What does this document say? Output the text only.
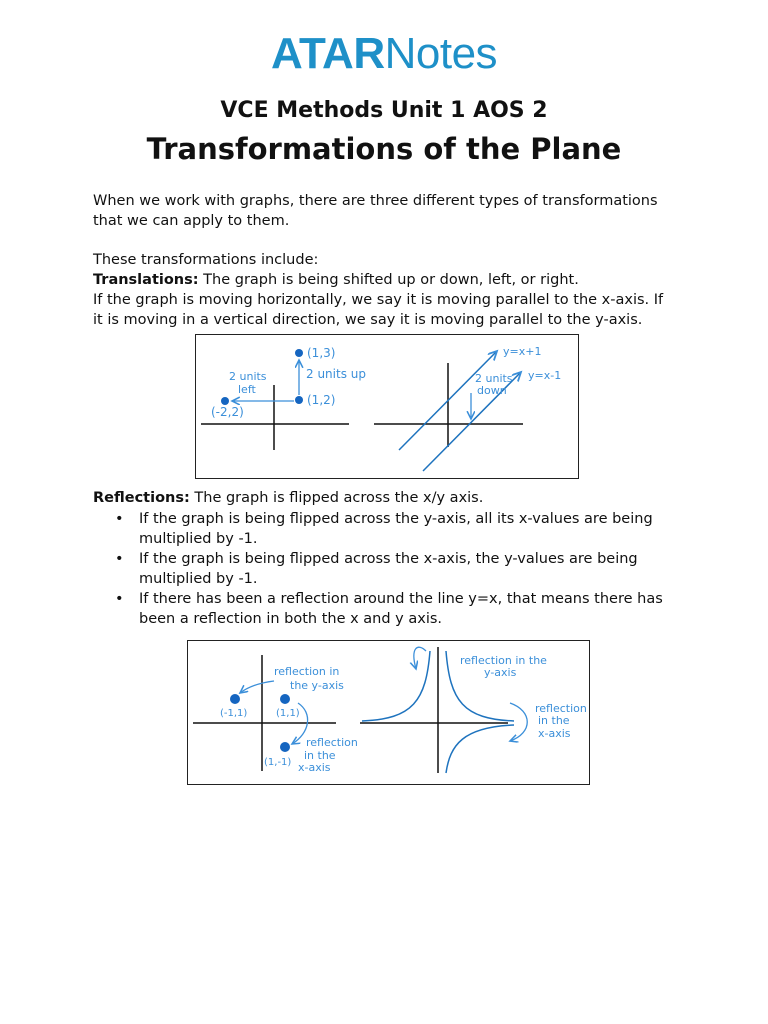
ATARNotes
VCE Methods Unit 1 AOS 2
Transformations of the Plane
When we work with graphs, there are three different types of transformations that we can apply to them.
These transformations include:
Translations: The graph is being shifted up or down, left, or right.
If the graph is moving horizontally, we say it is moving parallel to the x-axis. If it is moving in a vertical direction, we say it is moving parallel to the y-axis.
(1,3)
(1,2)
(-2,2)
2 units up
2 units
left
y=x+1
y=x-1
2 units
down
Reflections: The graph is flipped across the x/y axis.
• If the graph is being flipped across the y-axis, all its x-values are being multiplied by -1.
• If the graph is being flipped across the x-axis, the y-values are being multiplied by -1.
• If there has been a reflection around the line y=x, that means there has been a reflection in both the x and y axis.
(-1,1)	(1,1)
(1,-1)
reflection in
the y-axis
reflection
in the
x-axis
reflection in the
y-axis
reflection
in the
x-axis
